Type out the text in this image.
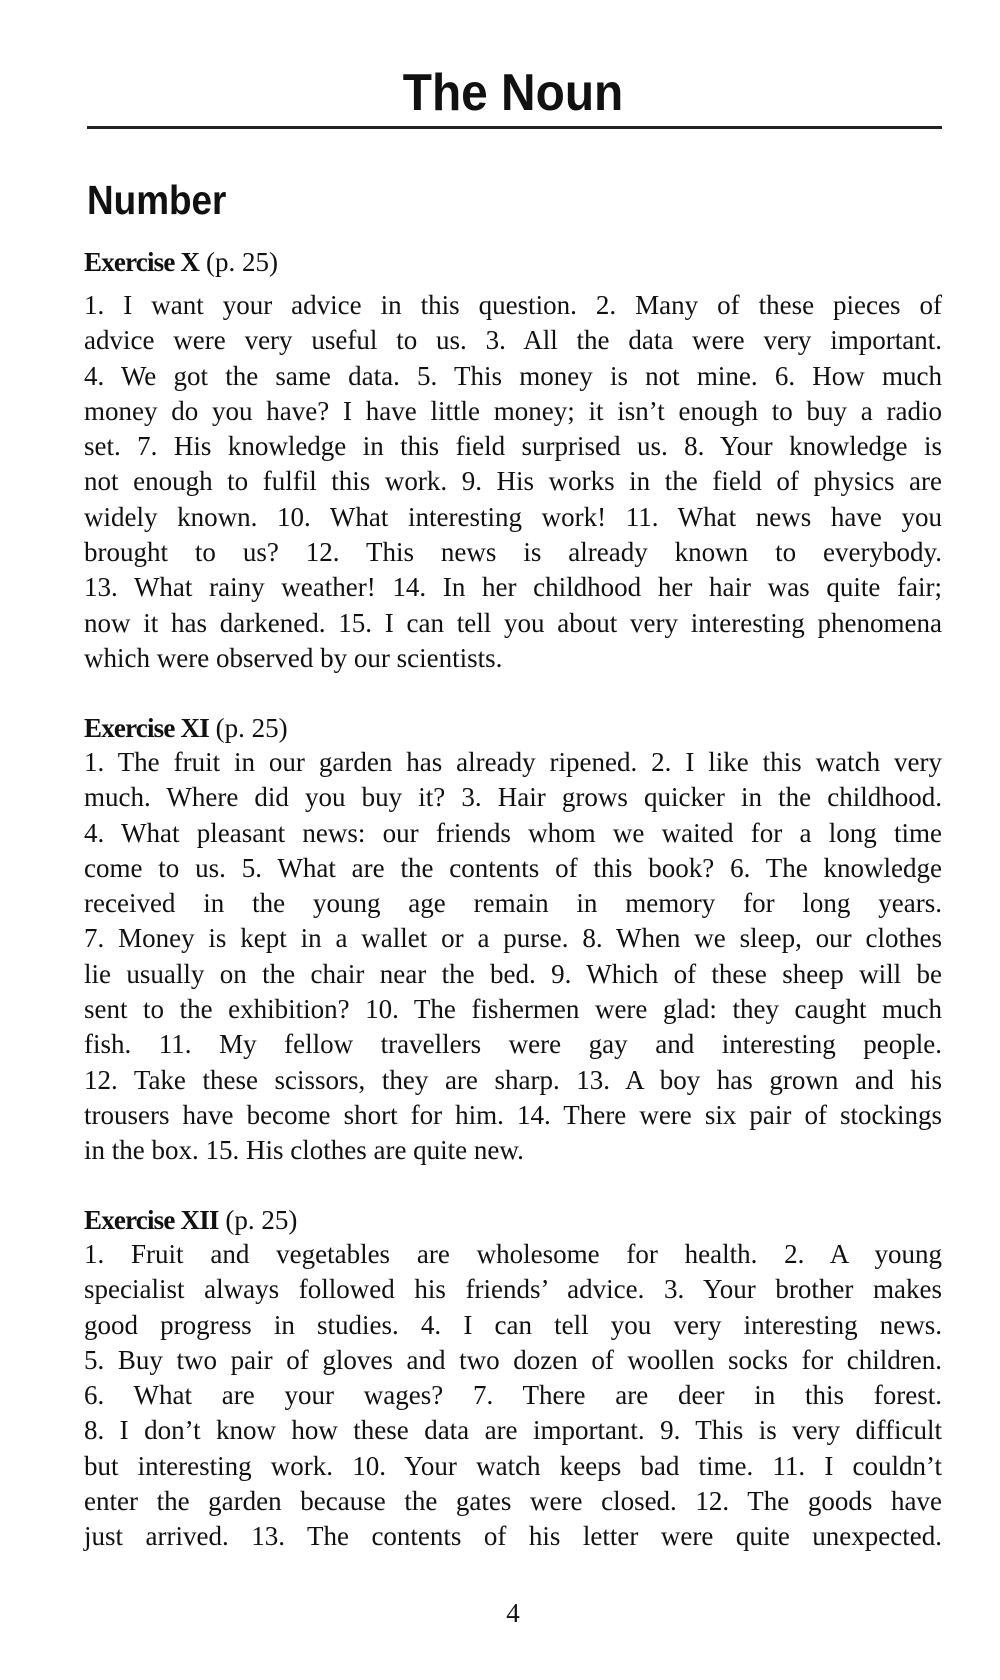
The Noun
Number
Exercise X (p. 25)
1. I want your advice in this question. 2. Many of these pieces of
advice were very useful to us. 3. All the data were very important.
4. We got the same data. 5. This money is not mine. 6. How much
money do you have? I have little money; it isn’t enough to buy a radio
set. 7. His knowledge in this field surprised us. 8. Your knowledge is
not enough to fulfil this work. 9. His works in the field of physics are
widely known. 10. What interesting work! 11. What news have you
brought to us? 12. This news is already known to everybody.
13. What rainy weather! 14. In her childhood her hair was quite fair;
now it has darkened. 15. I can tell you about very interesting phenomena
which were observed by our scientists.
Exercise XI (p. 25)
1. The fruit in our garden has already ripened. 2. I like this watch very
much. Where did you buy it? 3. Hair grows quicker in the childhood.
4. What pleasant news: our friends whom we waited for a long time
come to us. 5. What are the contents of this book? 6. The knowledge
received in the young age remain in memory for long years.
7. Money is kept in a wallet or a purse. 8. When we sleep, our clothes
lie usually on the chair near the bed. 9. Which of these sheep will be
sent to the exhibition? 10. The fishermen were glad: they caught much
fish. 11. My fellow travellers were gay and interesting people.
12. Take these scissors, they are sharp. 13. A boy has grown and his
trousers have become short for him. 14. There were six pair of stockings
in the box. 15. His clothes are quite new.
Exercise XII (p. 25)
1. Fruit and vegetables are wholesome for health. 2. A young
specialist always followed his friends’ advice. 3. Your brother makes
good progress in studies. 4. I can tell you very interesting news.
5. Buy two pair of gloves and two dozen of woollen socks for children.
6. What are your wages? 7. There are deer in this forest.
8. I don’t know how these data are important. 9. This is very difficult
but interesting work. 10. Your watch keeps bad time. 11. I couldn’t
enter the garden because the gates were closed. 12. The goods have
just arrived. 13. The contents of his letter were quite unexpected.
4
